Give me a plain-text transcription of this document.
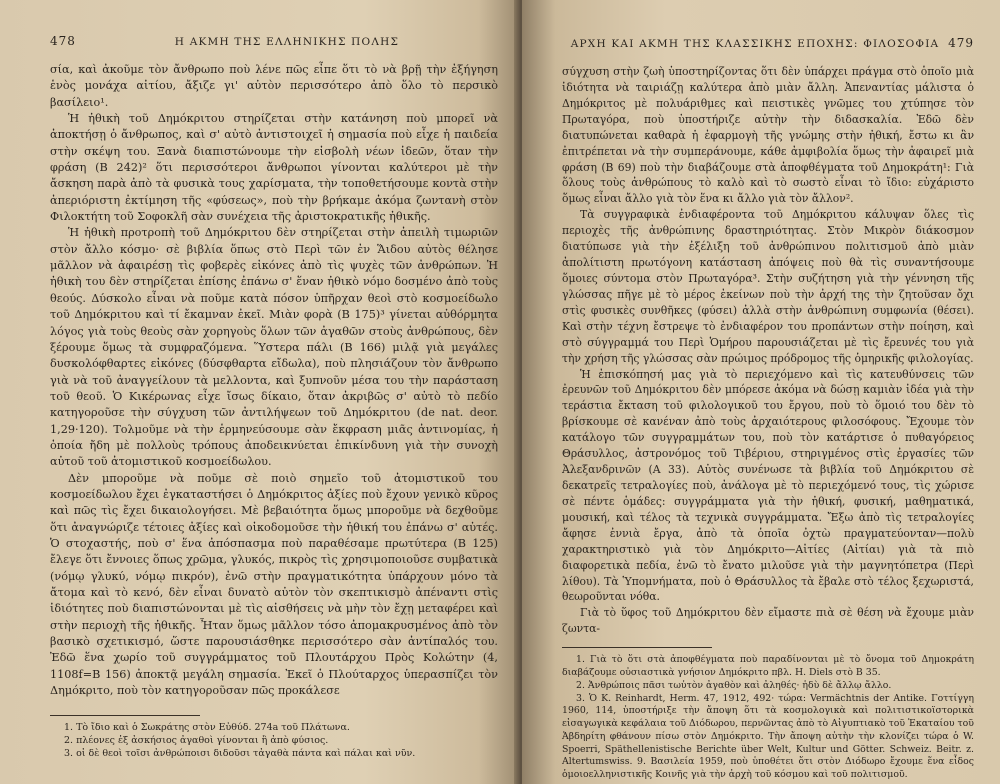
478	Η ΑΚΜΗ ΤΗΣ ΕΛΛΗΝΙΚΗΣ ΠΟΛΗΣ

σία, καὶ ἀκοῦμε τὸν ἄνθρωπο ποὺ λένε πῶς εἶπε ὅτι τὸ νὰ βρῇ τὴν ἐξήγηση ἑνὸς μονάχα αἰτίου, ἄξιζε γι' αὐτὸν περισσότερο ἀπὸ ὅλο τὸ περσικὸ βασίλειο¹.

Ἡ ἠθικὴ τοῦ Δημόκριτου στηρίζεται στὴν κατάνηση ποὺ μπορεῖ νὰ ἀποκτήσῃ ὁ ἄνθρωπος, καὶ σ' αὐτὸ ἀντιστοιχεῖ ἡ σημασία ποὺ εἶχε ἡ παιδεία στὴν σκέψη του. Ξανὰ διαπιστώνουμε τὴν εἰσβολὴ νέων ἰδεῶν, ὅταν τὴν φράση (Β 242)² ὅτι περισσότεροι ἄνθρωποι γίνονται καλύτεροι μὲ τὴν ἄσκηση παρὰ ἀπὸ τὰ φυσικὰ τους χαρίσματα, τὴν τοποθετήσουμε κοντὰ στὴν ἀπεριόριστη ἐκτίμηση τῆς «φύσεως», ποὺ τὴν βρήκαμε ἀκόμα ζωντανὴ στὸν Φιλοκτήτη τοῦ Σοφοκλῆ σὰν συνέχεια τῆς ἀριστοκρατικῆς ἠθικῆς.

Ἡ ἠθικὴ προτροπὴ τοῦ Δημόκριτου δὲν στηρίζεται στὴν ἀπειλὴ τιμωριῶν στὸν ἄλλο κόσμο· σὲ βιβλία ὅπως στὸ Περὶ τῶν ἐν Ἅιδου αὐτὸς θέλησε μᾶλλον νὰ ἀφαιρέσῃ τὶς φοβερὲς εἰκόνες ἀπὸ τὶς ψυχὲς τῶν ἀνθρώπων. Ἡ ἠθικὴ του δὲν στηρίζεται ἐπίσης ἐπάνω σ' ἕναν ἠθικὸ νόμο δοσμένο ἀπὸ τοὺς θεούς. Δύσκολο εἶναι νὰ ποῦμε κατὰ πόσον ὑπῆρχαν θεοὶ στὸ κοσμοείδωλο τοῦ Δημόκριτου καὶ τί ἔκαμναν ἐκεῖ. Μιὰν φορὰ (Β 175)³ γίνεται αὐθόρμητα λόγος γιὰ τοὺς θεοὺς σὰν χορηγοὺς ὅλων τῶν ἀγαθῶν στοὺς ἀνθρώπους, δὲν ξέρουμε ὅμως τὰ συμφραζόμενα. Ὕστερα πάλι (Β 166) μιλᾷ γιὰ μεγάλες δυσκολόφθαρτες εἰκόνες (δύσφθαρτα εἴδωλα), ποὺ πλησιάζουν τὸν ἄνθρωπο γιὰ νὰ τοῦ ἀναγγείλουν τὰ μελλοντα, καὶ ξυπνοῦν μέσα του τὴν παράσταση τοῦ θεοῦ. Ὁ Κικέρωνας εἶχε ἴσως δίκαιο, ὅταν ἀκριβῶς σ' αὐτὸ τὸ πεδίο κατηγοροῦσε τὴν σύγχυση τῶν ἀντιλήψεων τοῦ Δημόκριτου (de nat. deor. 1,29·120). Τολμοῦμε νὰ τὴν ἑρμηνεύσουμε σὰν ἔκφραση μιᾶς ἀντινομίας, ἡ ὁποία ἤδη μὲ πολλοὺς τρόπους ἀποδεικνύεται ἐπικίνδυνη γιὰ τὴν συνοχὴ αὐτοῦ τοῦ ἀτομιστικοῦ κοσμοείδωλου.

Δὲν μποροῦμε νὰ ποῦμε σὲ ποιὸ σημεῖο τοῦ ἀτομιστικοῦ του κοσμοείδωλου ἔχει ἐγκαταστήσει ὁ Δημόκριτος ἀξίες ποὺ ἔχουν γενικὸ κῦρος καὶ πῶς τὶς ἔχει δικαιολογήσει. Μὲ βεβαιότητα ὅμως μποροῦμε νὰ δεχθοῦμε ὅτι ἀναγνώριζε τέτοιες ἀξίες καὶ οἰκοδομοῦσε τὴν ἠθική του ἐπάνω σ' αὐτές. Ὁ στοχαστής, ποὺ σ' ἕνα ἀπόσπασμα ποὺ παραθέσαμε πρωτύτερα (Β 125) ἔλεγε ὅτι ἔννοιες ὅπως χρῶμα, γλυκός, πικρὸς τὶς χρησιμοποιοῦσε συμβατικὰ (νόμῳ γλυκύ, νόμῳ πικρόν), ἐνῶ στὴν πραγματικότητα ὑπάρχουν μόνο τὰ ἄτομα καὶ τὸ κενό, δὲν εἶναι δυνατὸ αὐτὸν τὸν σκεπτικισμὸ ἀπέναντι στὶς ἰδιότητες ποὺ διαπιστώνονται μὲ τὶς αἰσθήσεις νὰ μὴν τὸν ἔχῃ μεταφέρει καὶ στὴν περιοχὴ τῆς ἠθικῆς. Ἦταν ὅμως μᾶλλον τόσο ἀπομακρυσμένος ἀπὸ τὸν βασικὸ σχετικισμό, ὥστε παρουσιάσθηκε περισσότερο σὰν ἀντίπαλός του. Ἐδῶ ἕνα χωρίο τοῦ συγγράμματος τοῦ Πλουτάρχου Πρὸς Κολώτην (4, 1108f=Β 156) ἀποκτᾷ μεγάλη σημασία. Ἐκεῖ ὁ Πλούταρχος ὑπερασπίζει τὸν Δημόκριτο, ποὺ τὸν κατηγοροῦσαν πῶς προκάλεσε

1. Τὸ ἴδιο καὶ ὁ Σωκράτης στὸν Εὐθύδ. 274a τοῦ Πλάτωνα.

2. πλέονες ἐξ ἀσκήσιος ἀγαθοὶ γίνονται ἢ ἀπὸ φύσιος.

3. οἱ δὲ θεοὶ τοῖσι ἀνθρώποισι διδοῦσι τἀγαθὰ πάντα καὶ πάλαι καὶ νῦν.

ΑΡΧΗ ΚΑΙ ΑΚΜΗ ΤΗΣ ΚΛΑΣΣΙΚΗΣ ΕΠΟΧΗΣ: ΦΙΛΟΣΟΦΙΑ 479

σύγχυση στὴν ζωὴ ὑποστηρίζοντας ὅτι δὲν ὑπάρχει πράγμα στὸ ὁποῖο μιὰ ἰδιότητα νὰ ταιριάζῃ καλύτερα ἀπὸ μιὰν ἄλλη. Ἀπεναντίας μάλιστα ὁ Δημόκριτος μὲ πολυάριθμες καὶ πειστικὲς γνῶμες του χτύπησε τὸν Πρωταγόρα, ποὺ ὑποστήριζε αὐτὴν τὴν διδασκαλία. Ἐδῶ δὲν διατυπώνεται καθαρὰ ἡ ἐφαρμογὴ τῆς γνώμης στὴν ἠθική, ἔστω κι ἂν ἐπιτρέπεται νὰ τὴν συμπεράνουμε, κάθε ἀμφιβολία ὅμως τὴν ἀφαιρεῖ μιὰ φράση (Β 69) ποὺ τὴν διαβάζουμε στὰ ἀποφθέγματα τοῦ Δημοκράτη¹: Γιὰ ὅλους τοὺς ἀνθρώπους τὸ καλὸ καὶ τὸ σωστὸ εἶναι τὸ ἴδιο: εὐχάριστο ὅμως εἶναι ἄλλο γιὰ τὸν ἕνα κι ἄλλο γιὰ τὸν ἄλλον².

Τὰ συγγραφικὰ ἐνδιαφέροντα τοῦ Δημόκριτου κάλυψαν ὅλες τὶς περιοχὲς τῆς ἀνθρώπινης δραστηριότητας. Στὸν Μικρὸν διάκοσμον διατύπωσε γιὰ τὴν ἐξέλιξη τοῦ ἀνθρώπινου πολιτισμοῦ ἀπὸ μιὰν ἀπολίτιστη πρωτόγονη κατάσταση ἀπόψεις ποὺ θὰ τὶς συναντήσουμε ὅμοιες σύντομα στὸν Πρωταγόρα³. Στὴν συζήτηση γιὰ τὴν γέννηση τῆς γλώσσας πῆγε μὲ τὸ μέρος ἐκείνων ποὺ τὴν ἀρχή της τὴν ζητοῦσαν ὄχι στὶς φυσικὲς συνθῆκες (φύσει) ἀλλὰ στὴν ἀνθρώπινη συμφωνία (θέσει). Καὶ στὴν τέχνη ἔστρεψε τὸ ἐνδιαφέρον του προπάντων στὴν ποίηση, καὶ στὸ σύγγραμμά του Περὶ Ὁμήρου παρουσιάζεται μὲ τὶς ἔρευνές του γιὰ τὴν χρήση τῆς γλώσσας σὰν πρώιμος πρόδρομος τῆς ὁμηρικῆς φιλολογίας.

Ἡ ἐπισκόπησή μας γιὰ τὸ περιεχόμενο καὶ τὶς κατευθύνσεις τῶν ἐρευνῶν τοῦ Δημόκριτου δὲν μπόρεσε ἀκόμα νὰ δώσῃ καμιὰν ἰδέα γιὰ τὴν τεράστια ἔκταση τοῦ φιλολογικοῦ του ἔργου, ποὺ τὸ ὅμοιό του δὲν τὸ βρίσκουμε σὲ κανέναν ἀπὸ τοὺς ἀρχαιότερους φιλοσόφους. Ἔχουμε τὸν κατάλογο τῶν συγγραμμάτων του, ποὺ τὸν κατάρτισε ὁ πυθαγόρειος Θράσυλλος, ἀστρονόμος τοῦ Τιβέριου, στηριγμένος στὶς ἐργασίες τῶν Ἀλεξανδρινῶν (Α 33). Αὐτὸς συνένωσε τὰ βιβλία τοῦ Δημόκριτου σὲ δεκατρεῖς τετραλογίες ποὺ, ἀνάλογα μὲ τὸ περιεχόμενό τους, τὶς χώρισε σὲ πέντε ὁμάδες: συγγράμματα γιὰ τὴν ἠθική, φυσική, μαθηματικά, μουσική, καὶ τέλος τὰ τεχνικὰ συγγράμματα. Ἔξω ἀπὸ τὶς τετραλογίες ἄφησε ἐννιὰ ἔργα, ἀπὸ τὰ ὁποῖα ὀχτὼ πραγματεύονταν—πολὺ χαρακτηριστικὸ γιὰ τὸν Δημόκριτο—Αἰτίες (Αἰτίαι) γιὰ τὰ πιὸ διαφορετικὰ πεδία, ἐνῶ τὸ ἔνατο μιλοῦσε γιὰ τὴν μαγνητόπετρα (Περὶ λίθου). Τὰ Ὑπομνήματα, ποὺ ὁ Θράσυλλος τὰ ἔβαλε στὸ τέλος ξεχωριστά, θεωροῦνται νόθα.

Γιὰ τὸ ὕφος τοῦ Δημόκριτου δὲν εἴμαστε πιὰ σὲ θέση νὰ ἔχουμε μιὰν ζωντα-

1. Γιὰ τὸ ὅτι στὰ ἀποφθέγματα ποὺ παραδίνονται μὲ τὸ ὄνομα τοῦ Δημοκράτη διαβάζουμε οὐσιαστικὰ γνήσιον Δημόκριτο πβλ. H. Diels στὸ Β 35.

2. Ἀνθρώποις πᾶσι τωὐτὸν ἀγαθὸν καὶ ἀληθές· ἡδὺ δὲ ἄλλῳ ἄλλο.

3. Ὁ K. Reinhardt, Herm. 47, 1912, 492· τώρα: Vermächtnis der Antike. Γοττίγγη 1960, 114, ὑποστήριξε τὴν ἄποψη ὅτι τὰ κοσμολογικὰ καὶ πολιτιστικοϊστορικὰ εἰσαγωγικὰ κεφάλαια τοῦ Διόδωρου, περνῶντας ἀπὸ τὸ Αἰγυπτιακὸ τοῦ Ἑκαταίου τοῦ Ἀβδηρίτη φθάνουν πίσω στὸν Δημόκριτο. Τὴν ἄποψη αὐτὴν τὴν κλονίζει τώρα ὁ W. Spoerri, Späthellenistische Berichte über Welt, Kultur und Götter. Schweiz. Beitr. z. Altertumswiss. 9. Βασιλεία 1959, ποὺ ὑποθέτει ὅτι στὸν Διόδωρο ἔχουμε ἕνα εἶδος ὁμοιοελληνιστικῆς Κοινῆς γιὰ τὴν ἀρχὴ τοῦ κόσμου καὶ τοῦ πολιτισμοῦ.
